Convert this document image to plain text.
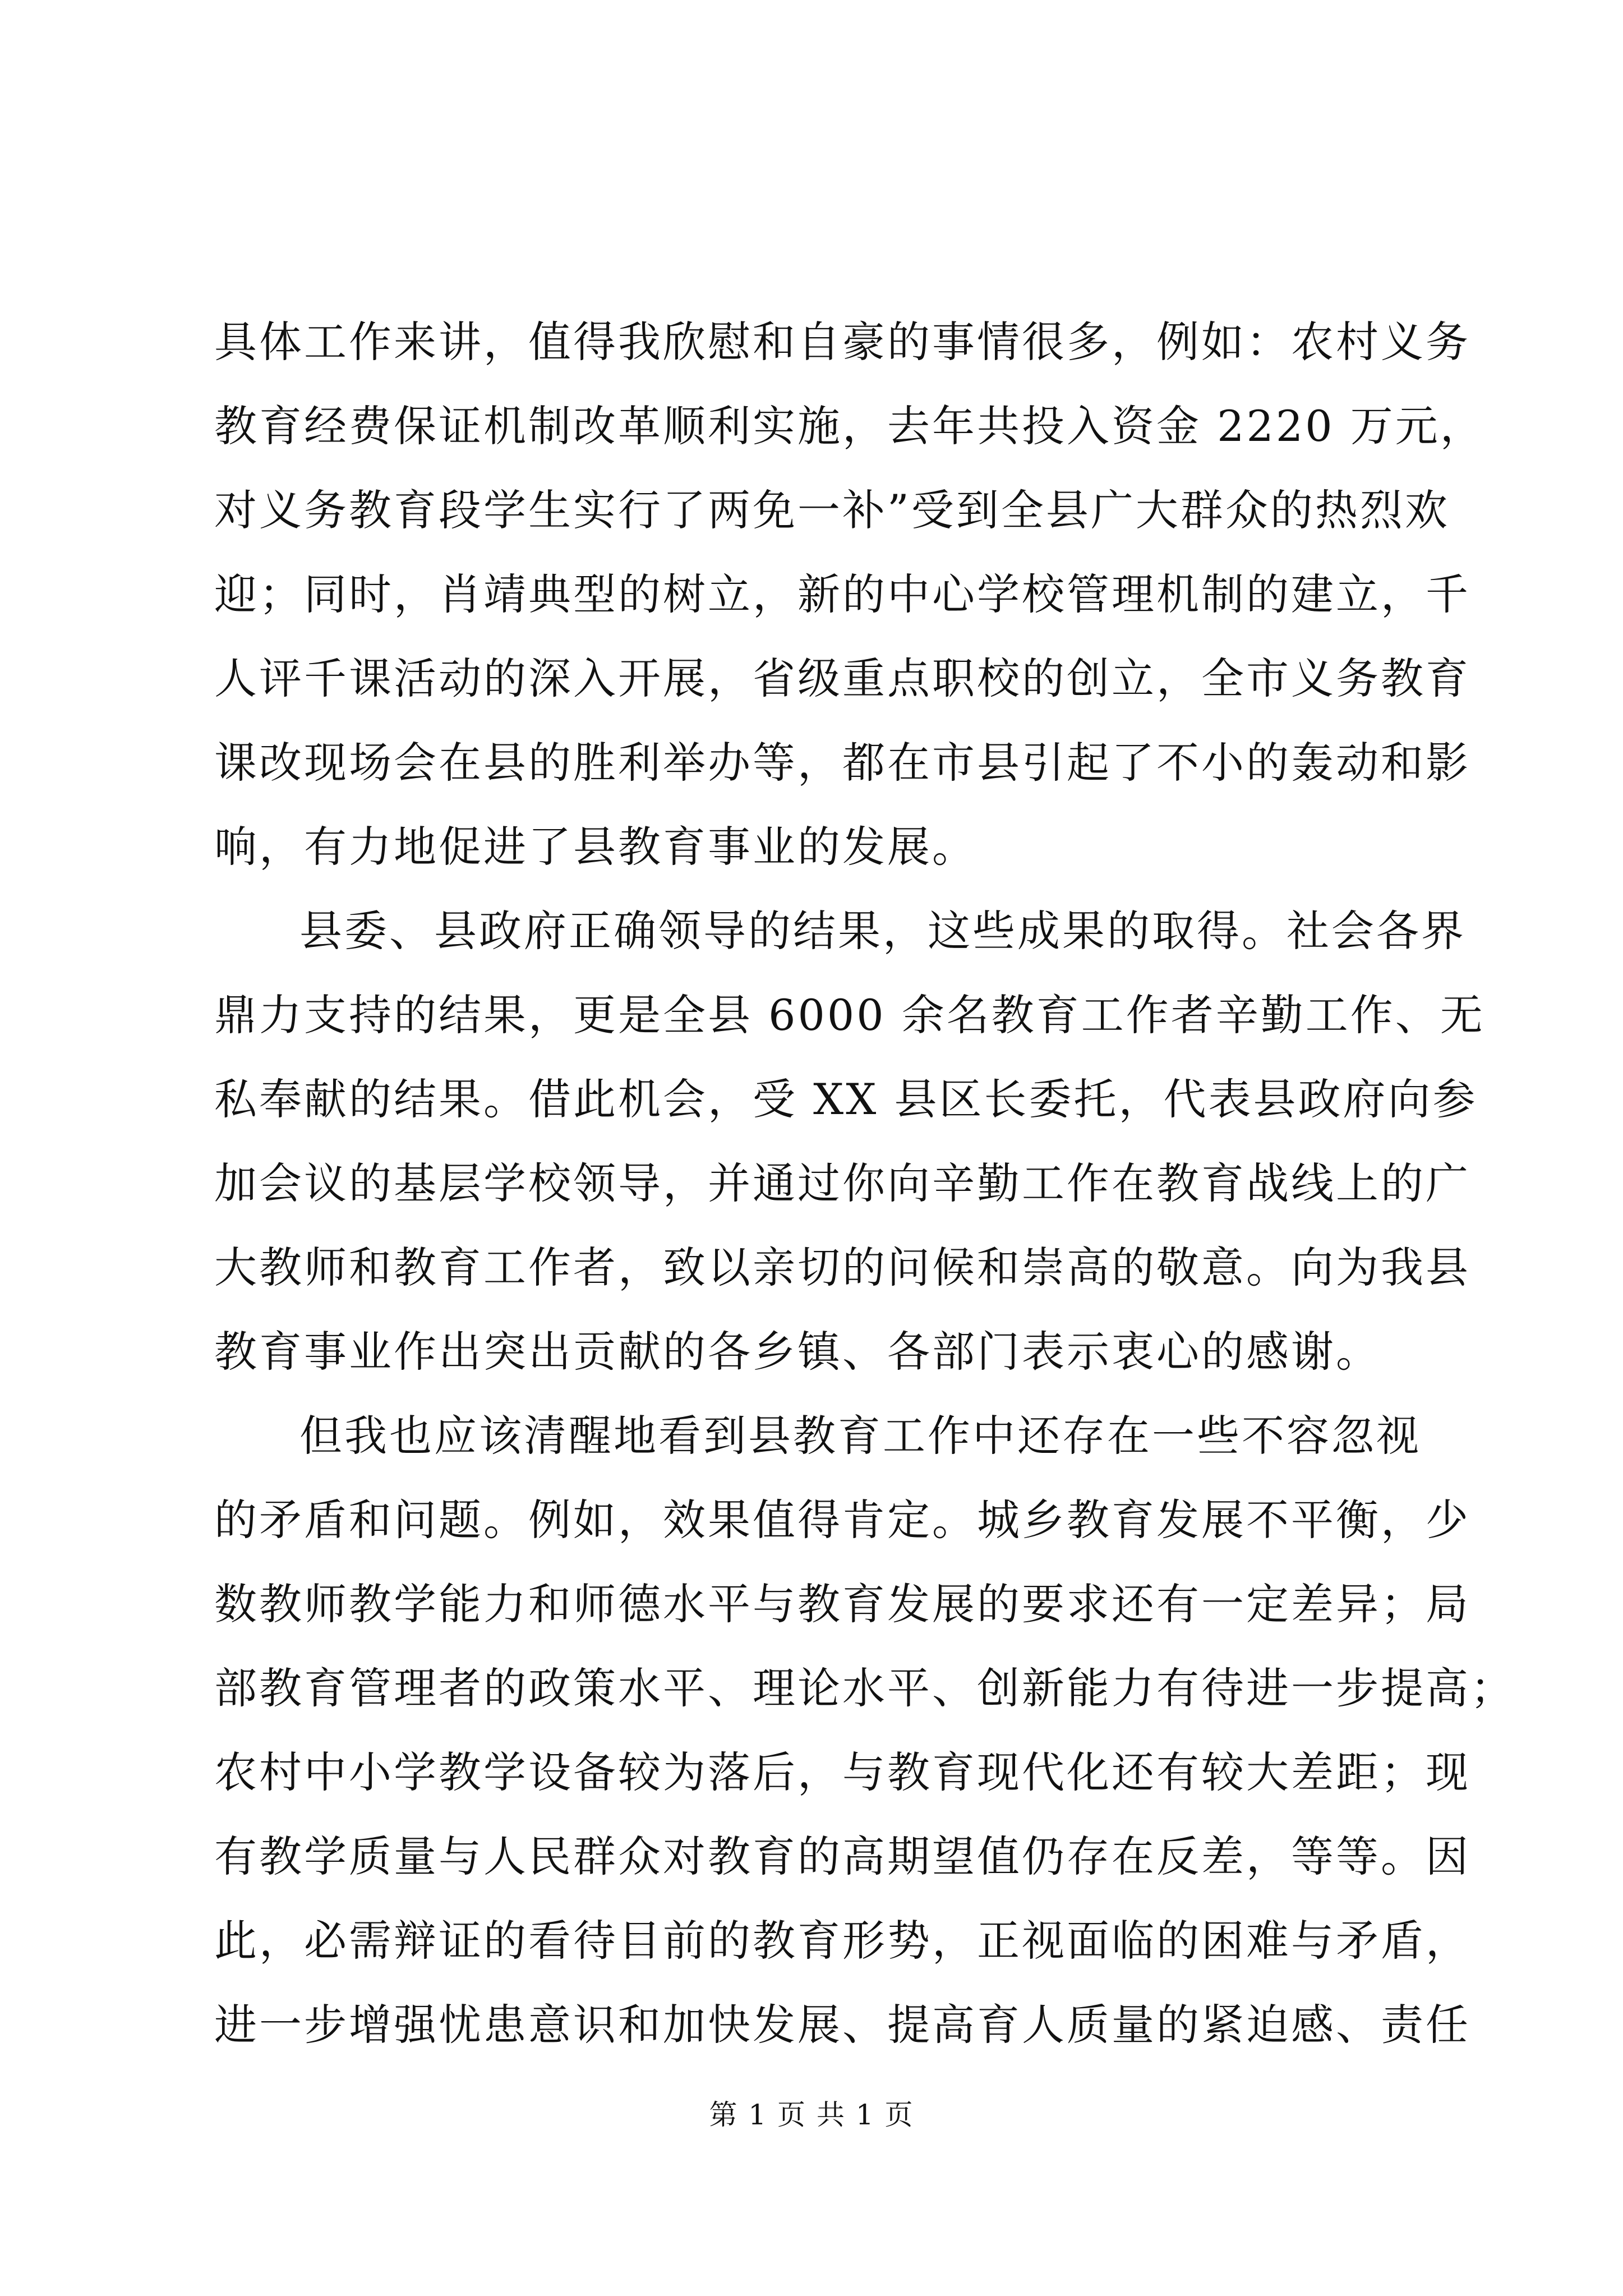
具体工作来讲，值得我欣慰和自豪的事情很多，例如：农村义务
教育经费保证机制改革顺利实施，去年共投入资金 2220 万元，
对义务教育段学生实行了两免一补”受到全县广大群众的热烈欢
迎；同时，肖靖典型的树立，新的中心学校管理机制的建立，千
人评千课活动的深入开展，省级重点职校的创立，全市义务教育
课改现场会在县的胜利举办等，都在市县引起了不小的轰动和影
响，有力地促进了县教育事业的发展。
县委、县政府正确领导的结果，这些成果的取得。社会各界
鼎力支持的结果，更是全县 6000 余名教育工作者辛勤工作、无
私奉献的结果。借此机会，受 XX 县区长委托，代表县政府向参
加会议的基层学校领导，并通过你向辛勤工作在教育战线上的广
大教师和教育工作者，致以亲切的问候和崇高的敬意。向为我县
教育事业作出突出贡献的各乡镇、各部门表示衷心的感谢。
但我也应该清醒地看到县教育工作中还存在一些不容忽视
的矛盾和问题。例如，效果值得肯定。城乡教育发展不平衡，少
数教师教学能力和师德水平与教育发展的要求还有一定差异；局
部教育管理者的政策水平、理论水平、创新能力有待进一步提高；
农村中小学教学设备较为落后，与教育现代化还有较大差距；现
有教学质量与人民群众对教育的高期望值仍存在反差，等等。因
此，必需辩证的看待目前的教育形势，正视面临的困难与矛盾，
进一步增强忧患意识和加快发展、提高育人质量的紧迫感、责任
第 1 页 共 1 页
